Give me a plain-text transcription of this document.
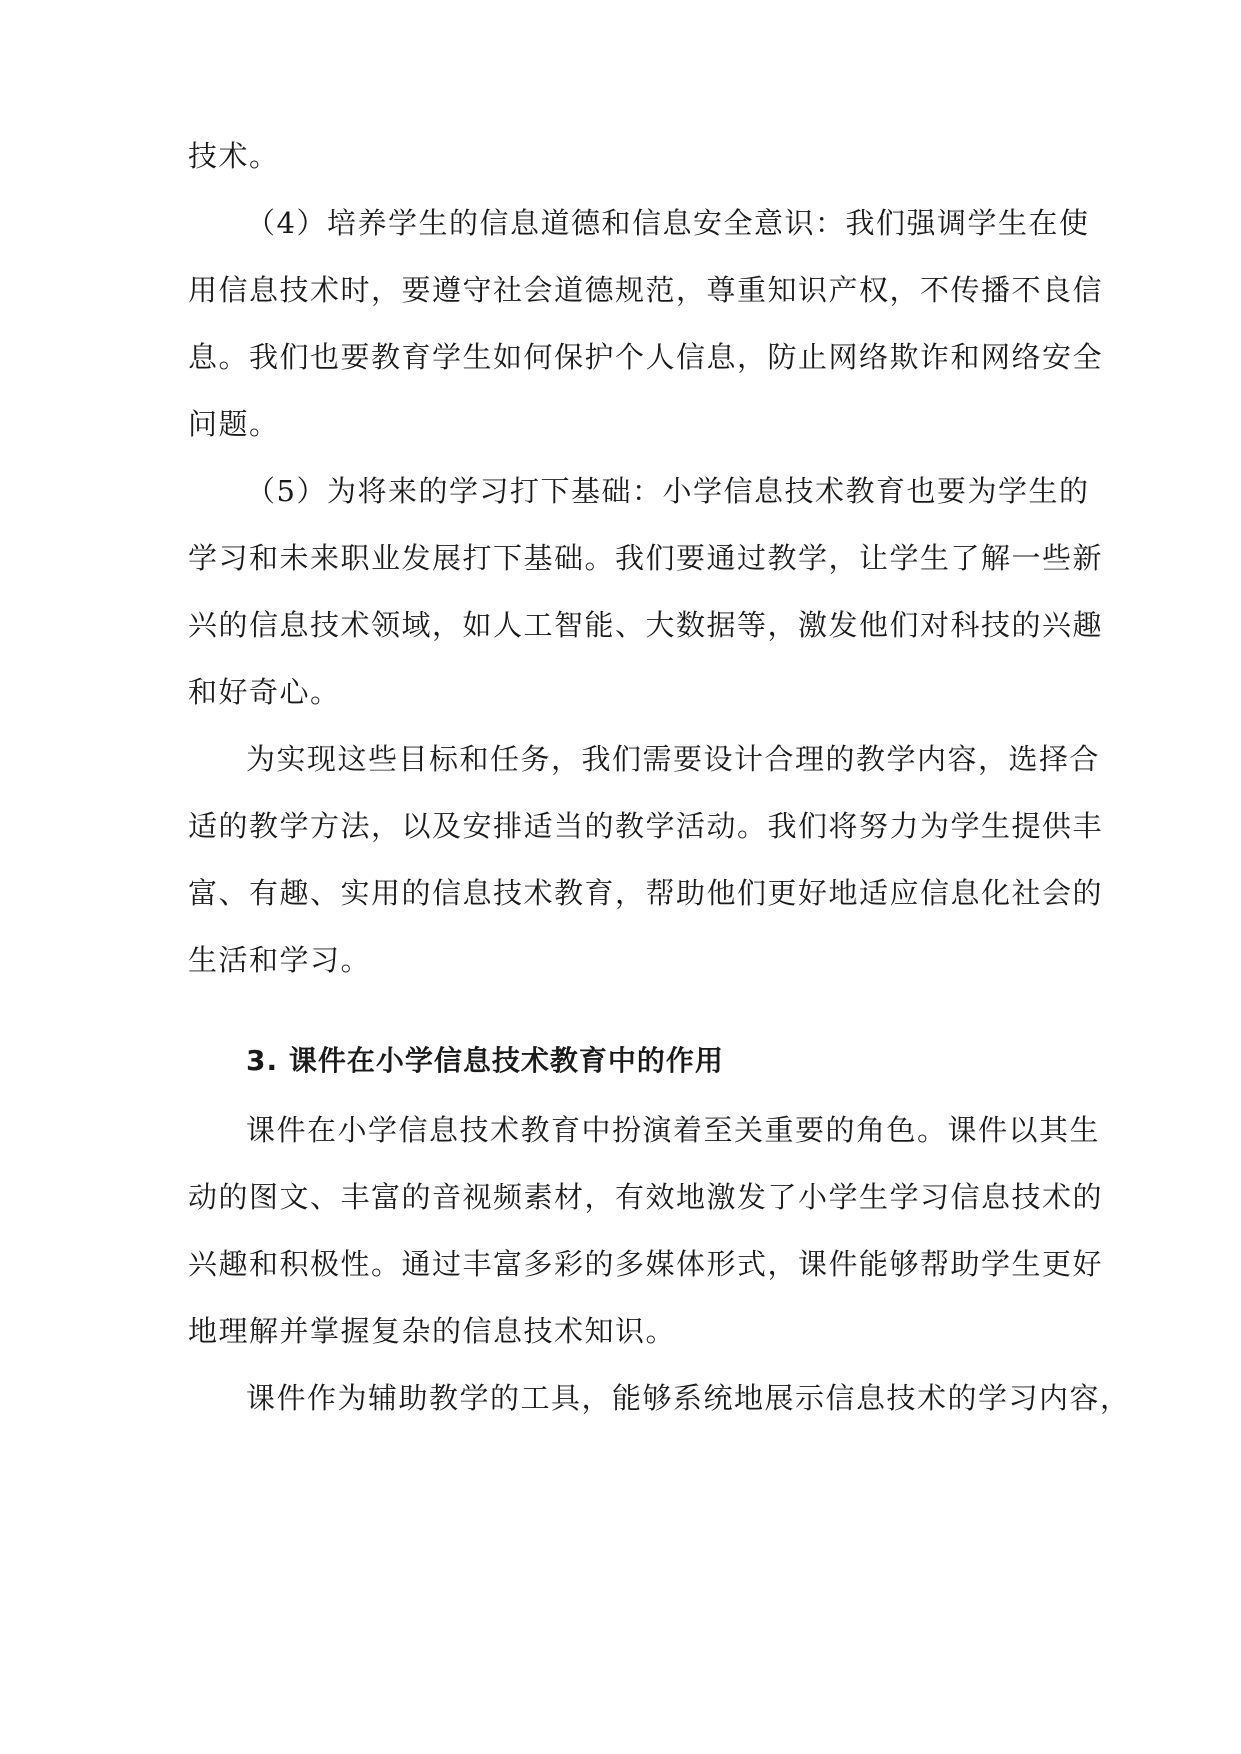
技术。
（4）培养学生的信息道德和信息安全意识：我们强调学生在使
用信息技术时，要遵守社会道德规范，尊重知识产权，不传播不良信
息。我们也要教育学生如何保护个人信息，防止网络欺诈和网络安全
问题。
（5）为将来的学习打下基础：小学信息技术教育也要为学生的
学习和未来职业发展打下基础。我们要通过教学，让学生了解一些新
兴的信息技术领域，如人工智能、大数据等，激发他们对科技的兴趣
和好奇心。
为实现这些目标和任务，我们需要设计合理的教学内容，选择合
适的教学方法，以及安排适当的教学活动。我们将努力为学生提供丰
富、有趣、实用的信息技术教育，帮助他们更好地适应信息化社会的
生活和学习。
3. 课件在小学信息技术教育中的作用
课件在小学信息技术教育中扮演着至关重要的角色。课件以其生
动的图文、丰富的音视频素材，有效地激发了小学生学习信息技术的
兴趣和积极性。通过丰富多彩的多媒体形式，课件能够帮助学生更好
地理解并掌握复杂的信息技术知识。
课件作为辅助教学的工具，能够系统地展示信息技术的学习内容，
